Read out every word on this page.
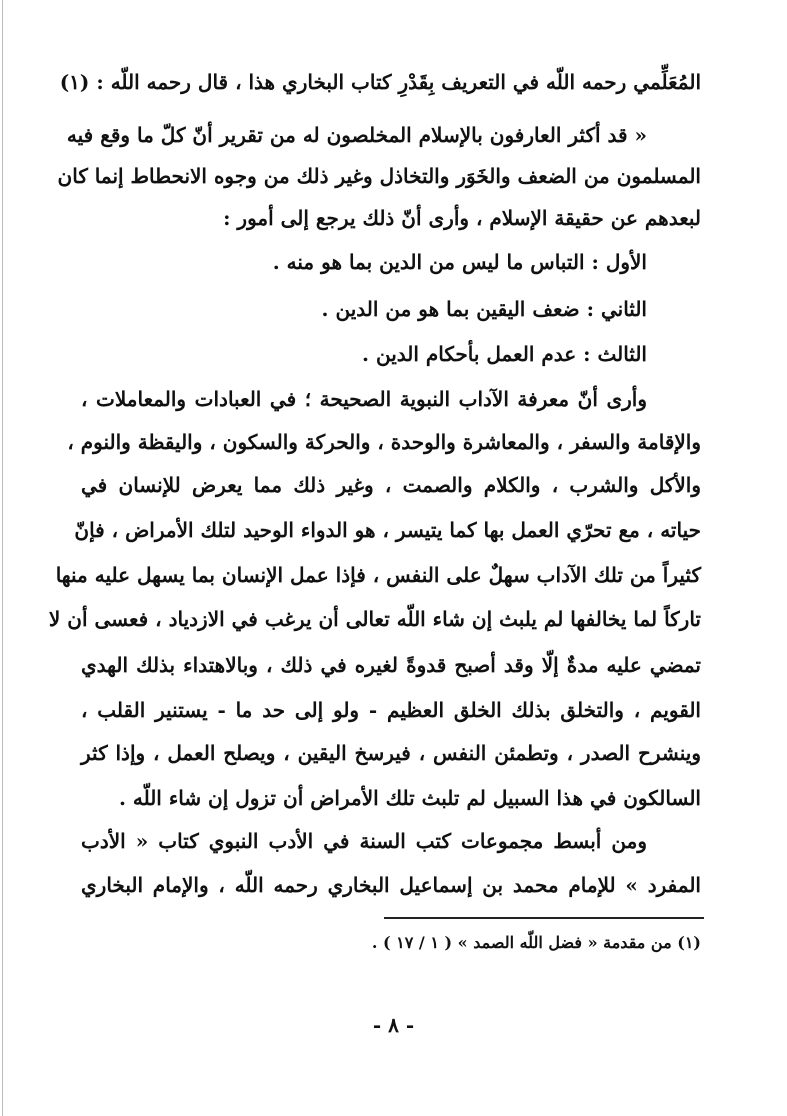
المُعَلِّمي رحمه اللّه في التعريف بِقَدْرِ كتاب البخاري هذا ، قال رحمه اللّه : (١)
« قد أكثر العارفون بالإسلام المخلصون له من تقرير أنّ كلّ ما وقع فيه
المسلمون من الضعف والخَوَر والتخاذل وغير ذلك من وجوه الانحطاط إنما كان
لبعدهم عن حقيقة الإسلام ، وأرى أنّ ذلك يرجع إلى أمور :
الأول : التباس ما ليس من الدين بما هو منه .
الثاني : ضعف اليقين بما هو من الدين .
الثالث : عدم العمل بأحكام الدين .
وأرى أنّ معرفة الآداب النبوية الصحيحة ؛ في العبادات والمعاملات ،
والإقامة والسفر ، والمعاشرة والوحدة ، والحركة والسكون ، واليقظة والنوم ،
والأكل والشرب ، والكلام والصمت ، وغير ذلك مما يعرض للإنسان في
حياته ، مع تحرّي العمل بها كما يتيسر ، هو الدواء الوحيد لتلك الأمراض ، فإنّ
كثيراً من تلك الآداب سهلٌ على النفس ، فإذا عمل الإنسان بما يسهل عليه منها
تاركاً لما يخالفها لم يلبث إن شاء اللّه تعالى أن يرغب في الازدياد ، فعسى أن لا
تمضي عليه مدةٌ إلّا وقد أصبح قدوةً لغيره في ذلك ، وبالاهتداء بذلك الهدي
القويم ، والتخلق بذلك الخلق العظيم - ولو إلى حد ما - يستنير القلب ،
وينشرح الصدر ، وتطمئن النفس ، فيرسخ اليقين ، ويصلح العمل ، وإذا كثر
السالكون في هذا السبيل لم تلبث تلك الأمراض أن تزول إن شاء اللّه .
ومن أبسط مجموعات كتب السنة في الأدب النبوي كتاب « الأدب
المفرد » للإمام محمد بن إسماعيل البخاري رحمه اللّه ، والإمام البخاري
(١) من مقدمة « فضل اللّه الصمد » ( ١ / ١٧ ) .
- ٨ -
